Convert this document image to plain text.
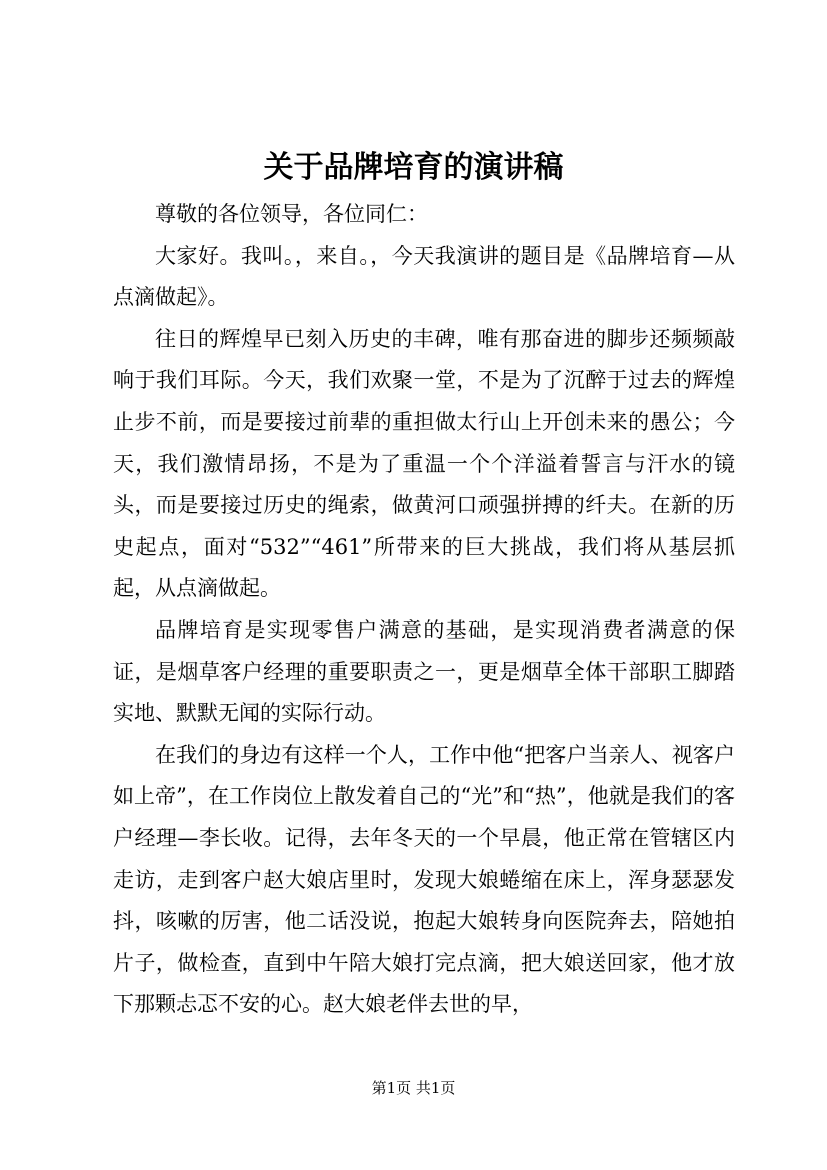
关于品牌培育的演讲稿

尊敬的各位领导，各位同仁：

大家好。我叫。，来自。，今天我演讲的题目是《品牌培育—从点滴做起》。

往日的辉煌早已刻入历史的丰碑，唯有那奋进的脚步还频频敲响于我们耳际。今天，我们欢聚一堂，不是为了沉醉于过去的辉煌止步不前，而是要接过前辈的重担做太行山上开创未来的愚公；今天，我们激情昂扬，不是为了重温一个个洋溢着誓言与汗水的镜头，而是要接过历史的绳索，做黄河口顽强拼搏的纤夫。在新的历史起点，面对“532”“461”所带来的巨大挑战，我们将从基层抓起，从点滴做起。

品牌培育是实现零售户满意的基础，是实现消费者满意的保证，是烟草客户经理的重要职责之一，更是烟草全体干部职工脚踏实地、默默无闻的实际行动。

在我们的身边有这样一个人，工作中他“把客户当亲人、视客户如上帝”，在工作岗位上散发着自己的“光”和“热”，他就是我们的客户经理—李长收。记得，去年冬天的一个早晨，他正常在管辖区内走访，走到客户赵大娘店里时，发现大娘蜷缩在床上，浑身瑟瑟发抖，咳嗽的厉害，他二话没说，抱起大娘转身向医院奔去，陪她拍片子，做检查，直到中午陪大娘打完点滴，把大娘送回家，他才放下那颗忐忑不安的心。赵大娘老伴去世的早，

第1页 共1页
